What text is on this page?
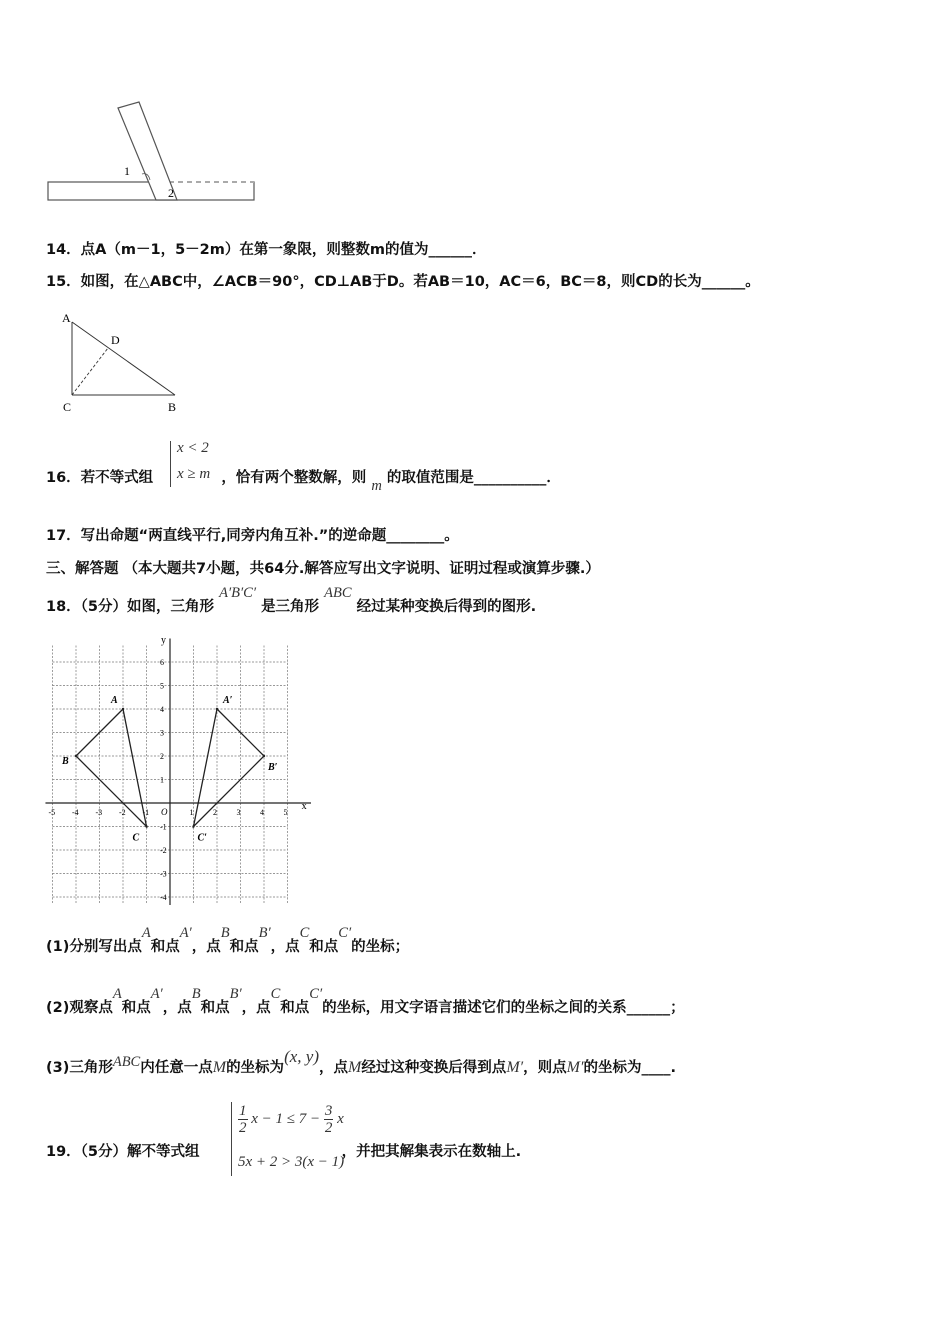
1
2
14．点A（m－1，5－2m）在第一象限，则整数m的值为______．
15．如图，在△ABC中，∠ACB＝90°，CD⊥AB于D。若AB＝10，AC＝6，BC＝8，则CD的长为______。
A
D
C	B
16．若不等式组	，恰有两个整数解，则 m 的取值范围是__________．
x < 2
x ≥ m
17．写出命题“两直线平行,同旁内角互补.”的逆命题________。
三、解答题 （本大题共7小题，共64分.解答应写出文字说明、证明过程或演算步骤.）
18．（5分）如图，三角形 A′B′C′ 是三角形 ABC 经过某种变换后得到的图形.
x
y
O
-5 -4 -3 -2 -1	1 2 3 4 5
6
5
4
3
2
1
-1
-2
-3
-4
A
B
C
A′
B′
C′
(1)分别写出点A和点A′，点B和点B′，点C和点C′的坐标；
(2)观察点A和点A′，点B和点B′，点C和点C′的坐标，用文字语言描述它们的坐标之间的关系______；
(3)三角形ABC内任意一点M的坐标为(x, y)，点M经过这种变换后得到点M′，则点M′的坐标为____.
19．（5分）解不等式组	，并把其解集表示在数轴上.
$\frac{1}{2}$ $x - 1 \le 7 - \frac{3}{2}$ x
5x + 2 > 3(x − 1)
